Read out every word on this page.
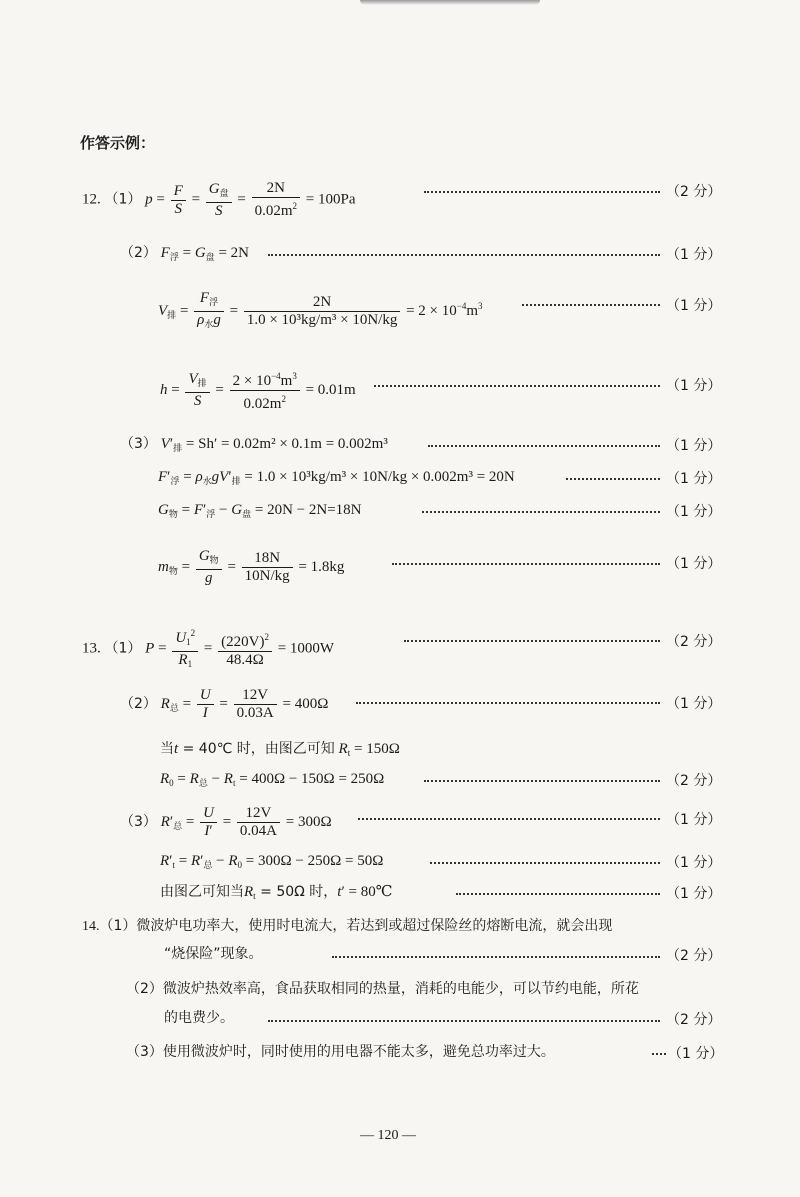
作答示例：
12. （1） $p = \frac{F}{S} = \frac{G_盘}{S} = \frac{2N}{0.02m^2} = 100Pa$	（2 分）
（2） $F_浮 = G_盘 = 2N$	（1 分）
$V_排 = \frac{F_浮}{\rho_水g} = \frac{2N}{\text{1.0 × 10³kg/m³ × 10N/kg}} = 2 \times 10^{-4}m^3$	（1 分）
$h = \frac{V_排}{S} = \frac{2 \times 10^{-4}m^3}{0.02m^2} = 0.01m$	（1 分）
（3） $V'_排 = Sh' = 0.02m^2 \times 0.1m = 0.002m^3$	（1 分）
$F'_浮 = \rho_水gV'_排 = 1.0 \times 10^3kg/m^3 \times 10N/kg \times 0.002m^3 = 20N$	（1 分）
$G_物 = F'_浮 - G_盘 = 20N - 2N=18N$	（1 分）
$m_物 = \frac{G_物}{g} = \frac{18N}{10N/kg} = 1.8kg$	（1 分）
13. （1） $P = \frac{U_1^2}{R_1} = \frac{(220V)^2}{48.4\Omega} = 1000W$	（2 分）
（2） $R_总 = \frac{U}{I} = \frac{12V}{0.03A} = 400\Omega$	（1 分）
当t = 40℃ 时，由图乙可知 $R_t = 150\Omega$
$R_0 = R_总 - R_t = 400\Omega - 150\Omega = 250\Omega$	（2 分）
（3） $R'_总 = \frac{U}{I'} = \frac{12V}{0.04A} = 300\Omega$	（1 分）
$R'_t = R'_总 - R_0 = 300\Omega - 250\Omega = 50\Omega$	（1 分）
由图乙可知当$R_t = 50\Omega$ 时，t′ = 80℃	（1 分）
14.（1）微波炉电功率大，使用时电流大，若达到或超过保险丝的熔断电流，就会出现
“烧保险”现象。	（2 分）
（2）微波炉热效率高，食品获取相同的热量，消耗的电能少，可以节约电能，所花
的电费少。	（2 分）
（3）使用微波炉时，同时使用的用电器不能太多，避免总功率过大。	（1 分）
— 120 —
